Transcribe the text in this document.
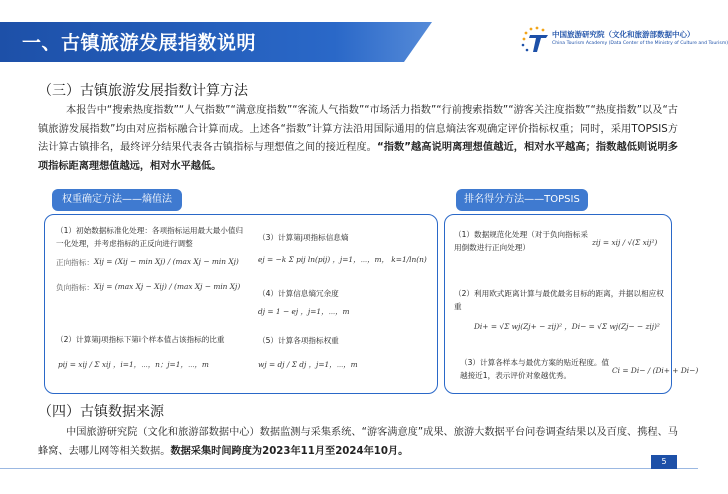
一、古镇旅游发展指数说明	中国旅游研究院（文化和旅游部数据中心）
China Tourism Academy (Data Center of the Ministry of Culture and Tourism)
（三）古镇旅游发展指数计算方法
本报告中“搜索热度指数”“人气指数”“满意度指数”“客流人气指数”“市场活力指数”“行前搜索指数”“游客关注度指数”“热度指数”以及“古镇旅游发展指数”均由对应指标融合计算而成。上述各“指数”计算方法沿用国际通用的信息熵法客观确定评价指标权重；同时，采用TOPSIS方法计算古镇排名，最终评分结果代表各古镇指标与理想值之间的接近程度。“指数”越高说明离理想值越近，相对水平越高；指数越低则说明多项指标距离理想值越远，相对水平越低。
权重确定方法——熵值法	排名得分方法——TOPSIS
（1）初始数据标准化处理：各项指标运用最大最小值归一化处理，并考虑指标的正反向进行调整
正向指标： Xij = (Xij − min Xj) / (max Xj − min Xj)
负向指标： Xij = (max Xj − Xij) / (max Xj − min Xj)
（2）计算第j项指标下第i个样本值占该指标的比重
pij = xij / Σ xij ，i=1，⋯，n；j=1，⋯，m
（3）计算第j项指标信息熵
ej = −k Σ pij ln(pij) ，j=1，⋯，m， k=1/ln(n)
（4）计算信息熵冗余度
dj = 1 − ej ，j=1，⋯，m
（5）计算各项指标权重
wj = dj / Σ dj ，j=1，⋯，m
（1）数据规范化处理（对于负向指标采用倒数进行正向处理）	zij = xij / √(Σ xij²)
（2）利用欧式距离计算与最优最劣目标的距离，并据以相应权重
Di+ = √Σ wj(Zj+ − zij)² ，Di− = √Σ wj(Zj− − zij)²
（3）计算各样本与最优方案的贴近程度。值越接近1，表示评价对象越优秀。	Ci = Di− / (Di+ + Di−)
（四）古镇数据来源
中国旅游研究院（文化和旅游部数据中心）数据监测与采集系统、“游客满意度”成果、旅游大数据平台问卷调查结果以及百度、携程、马蜂窝、去哪儿网等相关数据。数据采集时间跨度为2023年11月至2024年10月。
5
